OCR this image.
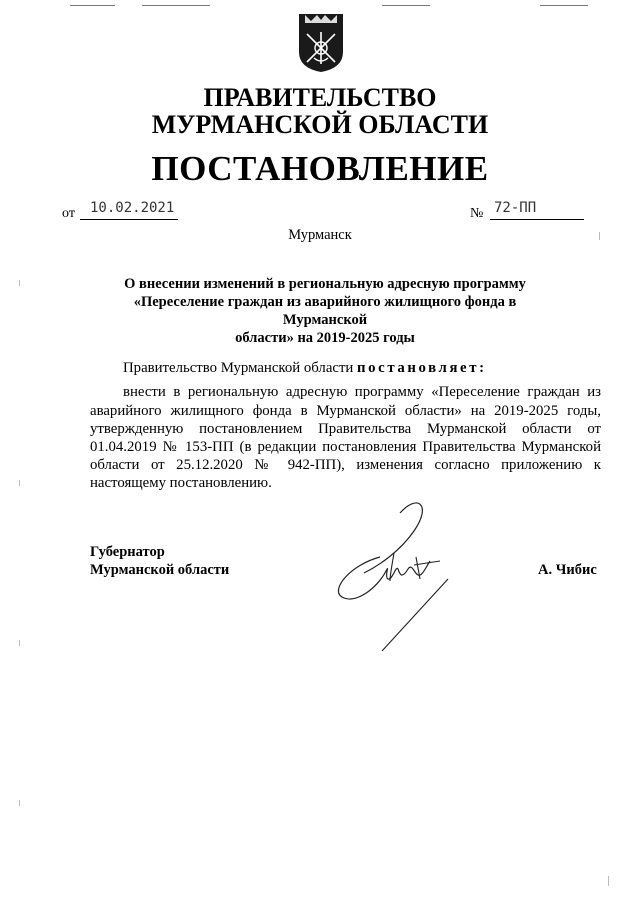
ПРАВИТЕЛЬСТВО
МУРМАНСКОЙ ОБЛАСТИ
ПОСТАНОВЛЕНИЕ
от 10.02.2021	№ 72-ПП
Мурманск
О внесении изменений в региональную адресную программу
«Переселение граждан из аварийного жилищного фонда в Мурманской
области» на 2019-2025 годы
Правительство Мурманской области постановляет:
внести в региональную адресную программу «Переселение граждан из
аварийного жилищного фонда в Мурманской области» на 2019-2025 годы,
утвержденную постановлением Правительства Мурманской области от
01.04.2019 № 153-ПП (в редакции постановления Правительства Мурманской
области от 25.12.2020 № 942-ПП), изменения согласно приложению к
настоящему постановлению.
Губернатор
Мурманской области	А. Чибис
